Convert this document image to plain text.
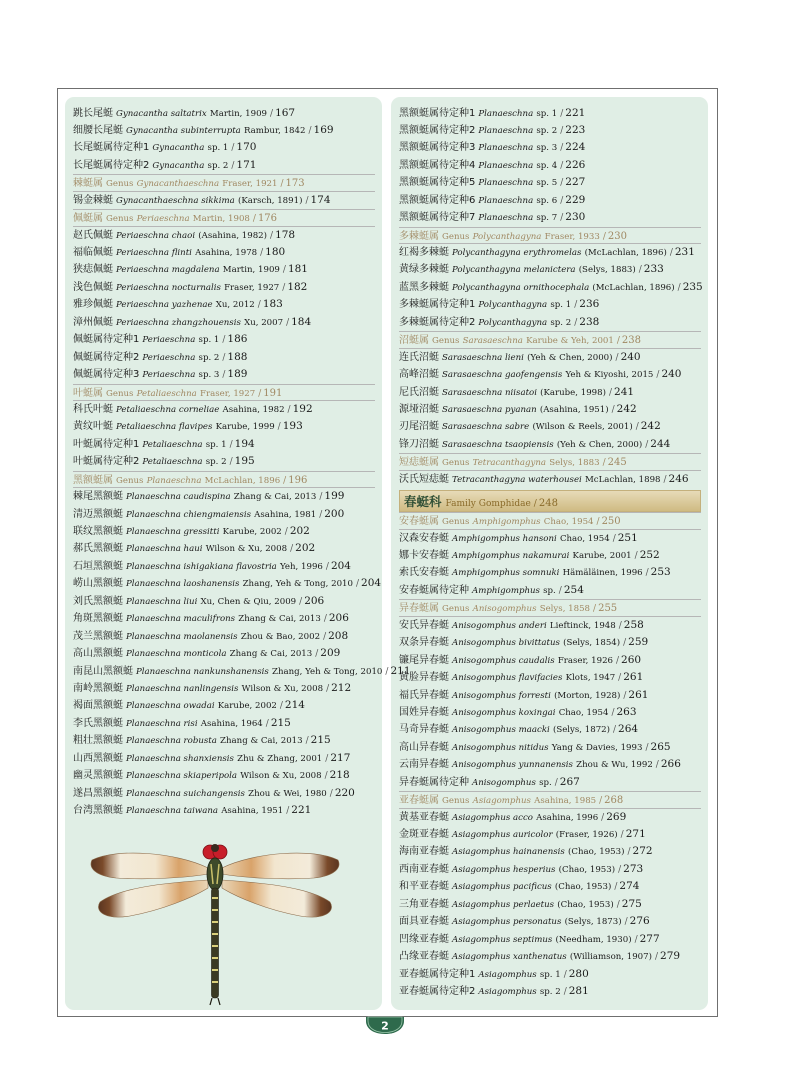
跳长尾蜓 Gynacantha saltatrix Martin, 1909 / 167
细腰长尾蜓 Gynacantha subinterrupta Rambur, 1842 / 169
长尾蜓属待定种1 Gynacantha sp. 1 / 170
长尾蜓属待定种2 Gynacantha sp. 2 / 171
棘蜓属 Genus Gynacanthaeschna Fraser, 1921 / 173
锡金棘蜓 Gynacanthaeschna sikkima (Karsch, 1891) / 174
佩蜓属 Genus Periaeschna Martin, 1908 / 176
赵氏佩蜓 Periaeschna chaoi (Asahina, 1982) / 178
福临佩蜓 Periaeschna flinti Asahina, 1978 / 180
狭痣佩蜓 Periaeschna magdalena Martin, 1909 / 181
浅色佩蜓 Periaeschna nocturnalis Fraser, 1927 / 182
雅珍佩蜓 Periaeschna yazhenae Xu, 2012 / 183
漳州佩蜓 Periaeschna zhangzhouensis Xu, 2007 / 184
佩蜓属待定种1 Periaeschna sp. 1 / 186
佩蜓属待定种2 Periaeschna sp. 2 / 188
佩蜓属待定种3 Periaeschna sp. 3 / 189
叶蜓属 Genus Petaliaeschna Fraser, 1927 / 191
科氏叶蜓 Petaliaeschna corneliae Asahina, 1982 / 192
黄纹叶蜓 Petaliaeschna flavipes Karube, 1999 / 193
叶蜓属待定种1 Petaliaeschna sp. 1 / 194
叶蜓属待定种2 Petaliaeschna sp. 2 / 195
黑额蜓属 Genus Planaeschna McLachlan, 1896 / 196
棘尾黑额蜓 Planaeschna caudispina Zhang & Cai, 2013 / 199
清迈黑额蜓 Planaeschna chiengmaiensis Asahina, 1981 / 200
联纹黑额蜓 Planaeschna gressitti Karube, 2002 / 202
郝氏黑额蜓 Planaeschna haui Wilson & Xu, 2008 / 202
石垣黑额蜓 Planaeschna ishigakiana flavostria Yeh, 1996 / 204
崂山黑额蜓 Planaeschna laoshanensis Zhang, Yeh & Tong, 2010 / 204
刘氏黑额蜓 Planaeschna liui Xu, Chen & Qiu, 2009 / 206
角斑黑额蜓 Planaeschna maculifrons Zhang & Cai, 2013 / 206
茂兰黑额蜓 Planaeschna maolanensis Zhou & Bao, 2002 / 208
高山黑额蜓 Planaeschna monticola Zhang & Cai, 2013 / 209
南昆山黑额蜓 Planaeschna nankunshanensis Zhang, Yeh & Tong, 2010 / 211
南岭黑额蜓 Planaeschna nanlingensis Wilson & Xu, 2008 / 212
褐面黑额蜓 Planaeschna owadai Karube, 2002 / 214
李氏黑额蜓 Planaeschna risi Asahina, 1964 / 215
粗壮黑额蜓 Planaeschna robusta Zhang & Cai, 2013 / 215
山西黑额蜓 Planaeschna shanxiensis Zhu & Zhang, 2001 / 217
幽灵黑额蜓 Planaeschna skiaperipola Wilson & Xu, 2008 / 218
遂昌黑额蜓 Planaeschna suichangensis Zhou & Wei, 1980 / 220
台湾黑额蜓 Planaeschna taiwana Asahina, 1951 / 221
黑额蜓属待定种1 Planaeschna sp. 1 / 221
黑额蜓属待定种2 Planaeschna sp. 2 / 223
黑额蜓属待定种3 Planaeschna sp. 3 / 224
黑额蜓属待定种4 Planaeschna sp. 4 / 226
黑额蜓属待定种5 Planaeschna sp. 5 / 227
黑额蜓属待定种6 Planaeschna sp. 6 / 229
黑额蜓属待定种7 Planaeschna sp. 7 / 230
多棘蜓属 Genus Polycanthagyna Fraser, 1933 / 230
红褐多棘蜓 Polycanthagyna erythromelas (McLachlan, 1896) / 231
黄绿多棘蜓 Polycanthagyna melanictera (Selys, 1883) / 233
蓝黑多棘蜓 Polycanthagyna ornithocephala (McLachlan, 1896) / 235
多棘蜓属待定种1 Polycanthagyna sp. 1 / 236
多棘蜓属待定种2 Polycanthagyna sp. 2 / 238
沼蜓属 Genus Sarasaeschna Karube & Yeh, 2001 / 238
连氏沼蜓 Sarasaeschna lieni (Yeh & Chen, 2000) / 240
高峰沼蜓 Sarasaeschna gaofengensis Yeh & Kiyoshi, 2015 / 240
尼氏沼蜓 Sarasaeschna niisatoi (Karube, 1998) / 241
源垭沼蜓 Sarasaeschna pyanan (Asahina, 1951) / 242
刃尾沼蜓 Sarasaeschna sabre (Wilson & Reels, 2001) / 242
锋刀沼蜓 Sarasaeschna tsaopiensis (Yeh & Chen, 2000) / 244
短痣蜓属 Genus Tetracanthagyna Selys, 1883 / 245
沃氏短痣蜓 Tetracanthagyna waterhousei McLachlan, 1898 / 246
春蜓科 Family Gomphidae / 248
安春蜓属 Genus Amphigomphus Chao, 1954 / 250
汉森安春蜓 Amphigomphus hansoni Chao, 1954 / 251
娜卡安春蜓 Amphigomphus nakamurai Karube, 2001 / 252
索氏安春蜓 Amphigomphus somnuki Hämäläinen, 1996 / 253
安春蜓属待定种 Amphigomphus sp. / 254
异春蜓属 Genus Anisogomphus Selys, 1858 / 255
安氏异春蜓 Anisogomphus anderi Lieftinck, 1948 / 258
双条异春蜓 Anisogomphus bivittatus (Selys, 1854) / 259
镰尾异春蜓 Anisogomphus caudalis Fraser, 1926 / 260
黄脸异春蜓 Anisogomphus flavifacies Klots, 1947 / 261
福氏异春蜓 Anisogomphus forresti (Morton, 1928) / 261
国姓异春蜓 Anisogomphus koxingai Chao, 1954 / 263
马奇异春蜓 Anisogomphus maacki (Selys, 1872) / 264
高山异春蜓 Anisogomphus nitidus Yang & Davies, 1993 / 265
云南异春蜓 Anisogomphus yunnanensis Zhou & Wu, 1992 / 266
异春蜓属待定种 Anisogomphus sp. / 267
亚春蜓属 Genus Asiagomphus Asahina, 1985 / 268
黄基亚春蜓 Asiagomphus acco Asahina, 1996 / 269
金斑亚春蜓 Asiagomphus auricolor (Fraser, 1926) / 271
海南亚春蜓 Asiagomphus hainanensis (Chao, 1953) / 272
西南亚春蜓 Asiagomphus hesperius (Chao, 1953) / 273
和平亚春蜓 Asiagomphus pacificus (Chao, 1953) / 274
三角亚春蜓 Asiagomphus perlaetus (Chao, 1953) / 275
面具亚春蜓 Asiagomphus personatus (Selys, 1873) / 276
凹缘亚春蜓 Asiagomphus septimus (Needham, 1930) / 277
凸缘亚春蜓 Asiagomphus xanthenatus (Williamson, 1907) / 279
亚春蜓属待定种1 Asiagomphus sp. 1 / 280
亚春蜓属待定种2 Asiagomphus sp. 2 / 281
2
